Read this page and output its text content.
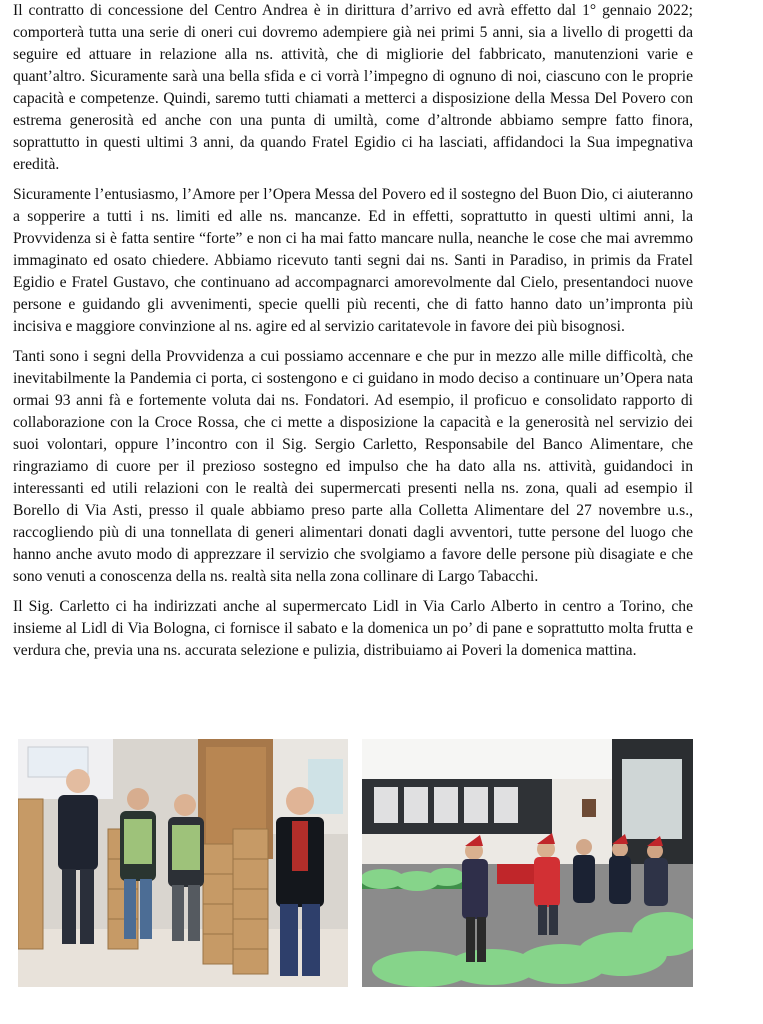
Il contratto di concessione del Centro Andrea è in dirittura d’arrivo ed avrà effetto dal 1° gennaio 2022; comporterà tutta una serie di oneri cui dovremo adempiere già nei primi 5 anni, sia a livello di progetti da seguire ed attuare in relazione alla ns. attività, che di migliorie del fabbricato, manutenzioni varie e quant’altro. Sicuramente sarà una bella sfida e ci vorrà l’impegno di ognuno di noi, ciascuno con le proprie capacità e competenze. Quindi, saremo tutti chiamati a metterci a disposizione della Messa Del Povero con estrema generosità ed anche con una punta di umiltà, come d’altronde abbiamo sempre fatto finora, soprattutto in questi ultimi 3 anni, da quando Fratel Egidio ci ha lasciati, affidandoci la Sua impegnativa eredità.

Sicuramente l’entusiasmo, l’Amore per l’Opera Messa del Povero ed il sostegno del Buon Dio, ci aiuteranno a sopperire a tutti i ns. limiti ed alle ns. mancanze. Ed in effetti, soprattutto in questi ultimi anni, la Provvidenza si è fatta sentire “forte” e non ci ha mai fatto mancare nulla, neanche le cose che mai avremmo immaginato ed osato chiedere. Abbiamo ricevuto tanti segni dai ns. Santi in Paradiso, in primis da Fratel Egidio e Fratel Gustavo, che continuano ad accompagnarci amorevolmente dal Cielo, presentandoci nuove persone e guidando gli avvenimenti, specie quelli più recenti, che di fatto hanno dato un’impronta più incisiva e maggiore convinzione al ns. agire ed al servizio caritatevole in favore dei più bisognosi.

Tanti sono i segni della Provvidenza a cui possiamo accennare e che pur in mezzo alle mille difficoltà, che inevitabilmente la Pandemia ci porta, ci sostengono e ci guidano in modo deciso a continuare un’Opera nata ormai 93 anni fà e fortemente voluta dai ns. Fondatori. Ad esempio, il proficuo e consolidato rapporto di collaborazione con la Croce Rossa, che ci mette a disposizione la capacità e la generosità nel servizio dei suoi volontari, oppure l’incontro con il Sig. Sergio Carletto, Responsabile del Banco Alimentare, che ringraziamo di cuore per il prezioso sostegno ed impulso che ha dato alla ns. attività, guidandoci in interessanti ed utili relazioni con le realtà dei supermercati presenti nella ns. zona, quali ad esempio il Borello di Via Asti, presso il quale abbiamo preso parte alla Colletta Alimentare del 27 novembre u.s., raccogliendo più di una tonnellata di generi alimentari donati dagli avventori, tutte persone del luogo che hanno anche avuto modo di apprezzare il servizio che svolgiamo a favore delle persone più disagiate e che sono venuti a conoscenza della ns. realtà sita nella zona collinare di Largo Tabacchi.

Il Sig. Carletto ci ha indirizzati anche al supermercato Lidl in Via Carlo Alberto in centro a Torino, che insieme al Lidl di Via Bologna, ci fornisce il sabato e la domenica un po’ di pane e soprattutto molta frutta e verdura che, previa una ns. accurata selezione e pulizia, distribuiamo ai Poveri la domenica mattina.
